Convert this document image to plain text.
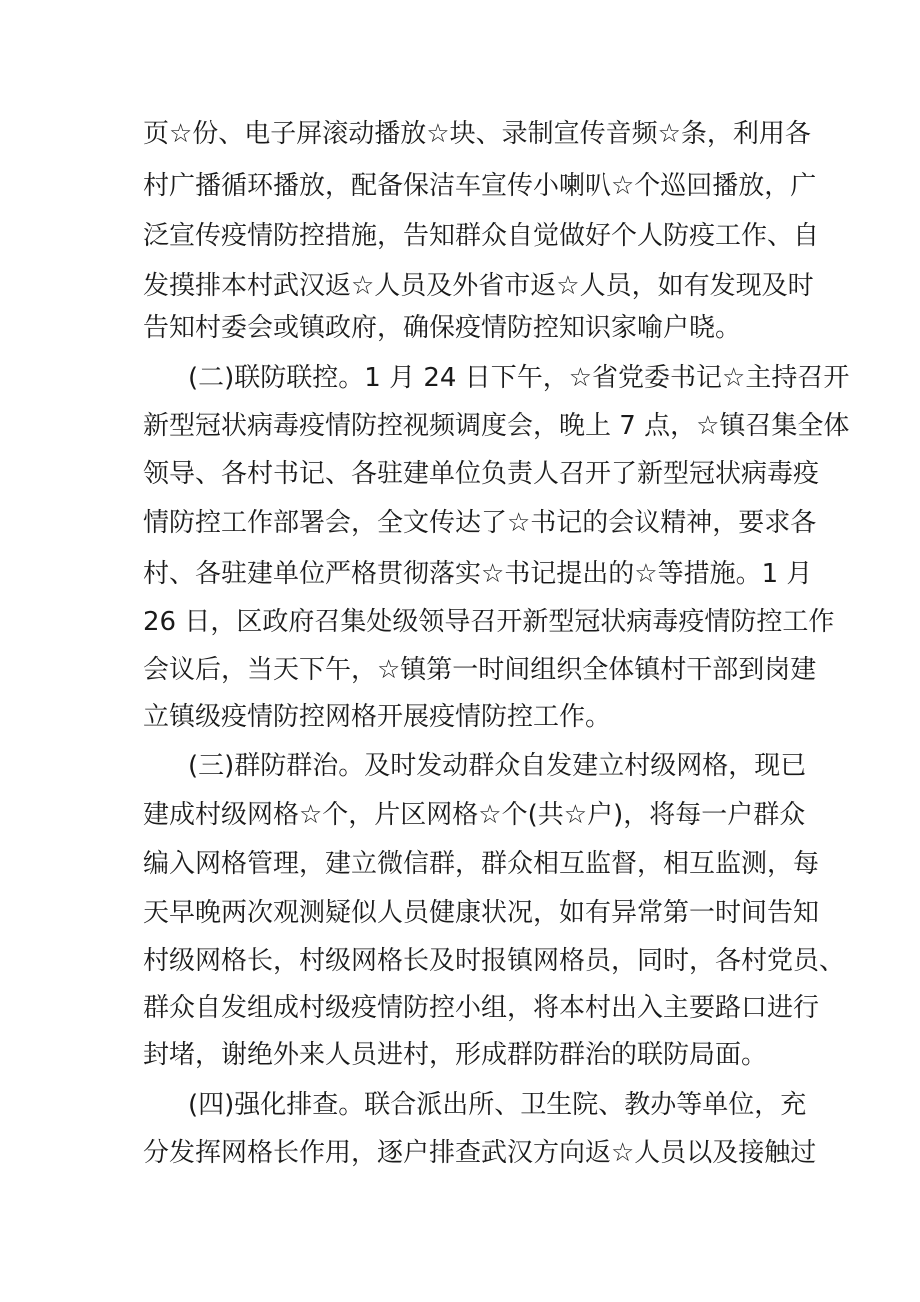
页☆份、电子屏滚动播放☆块、录制宣传音频☆条，利用各
村广播循环播放，配备保洁车宣传小喇叭☆个巡回播放，广
泛宣传疫情防控措施，告知群众自觉做好个人防疫工作、自
发摸排本村武汉返☆人员及外省市返☆人员，如有发现及时
告知村委会或镇政府，确保疫情防控知识家喻户晓。
(二)联防联控。1 月 24 日下午，☆省党委书记☆主持召开
新型冠状病毒疫情防控视频调度会，晚上 7 点，☆镇召集全体
领导、各村书记、各驻建单位负责人召开了新型冠状病毒疫
情防控工作部署会，全文传达了☆书记的会议精神，要求各
村、各驻建单位严格贯彻落实☆书记提出的☆等措施。1 月
26 日，区政府召集处级领导召开新型冠状病毒疫情防控工作
会议后，当天下午，☆镇第一时间组织全体镇村干部到岗建
立镇级疫情防控网格开展疫情防控工作。
(三)群防群治。及时发动群众自发建立村级网格，现已
建成村级网格☆个，片区网格☆个(共☆户)，将每一户群众
编入网格管理，建立微信群，群众相互监督，相互监测，每
天早晚两次观测疑似人员健康状况，如有异常第一时间告知
村级网格长，村级网格长及时报镇网格员，同时，各村党员、
群众自发组成村级疫情防控小组，将本村出入主要路口进行
封堵，谢绝外来人员进村，形成群防群治的联防局面。
(四)强化排查。联合派出所、卫生院、教办等单位，充
分发挥网格长作用，逐户排查武汉方向返☆人员以及接触过
